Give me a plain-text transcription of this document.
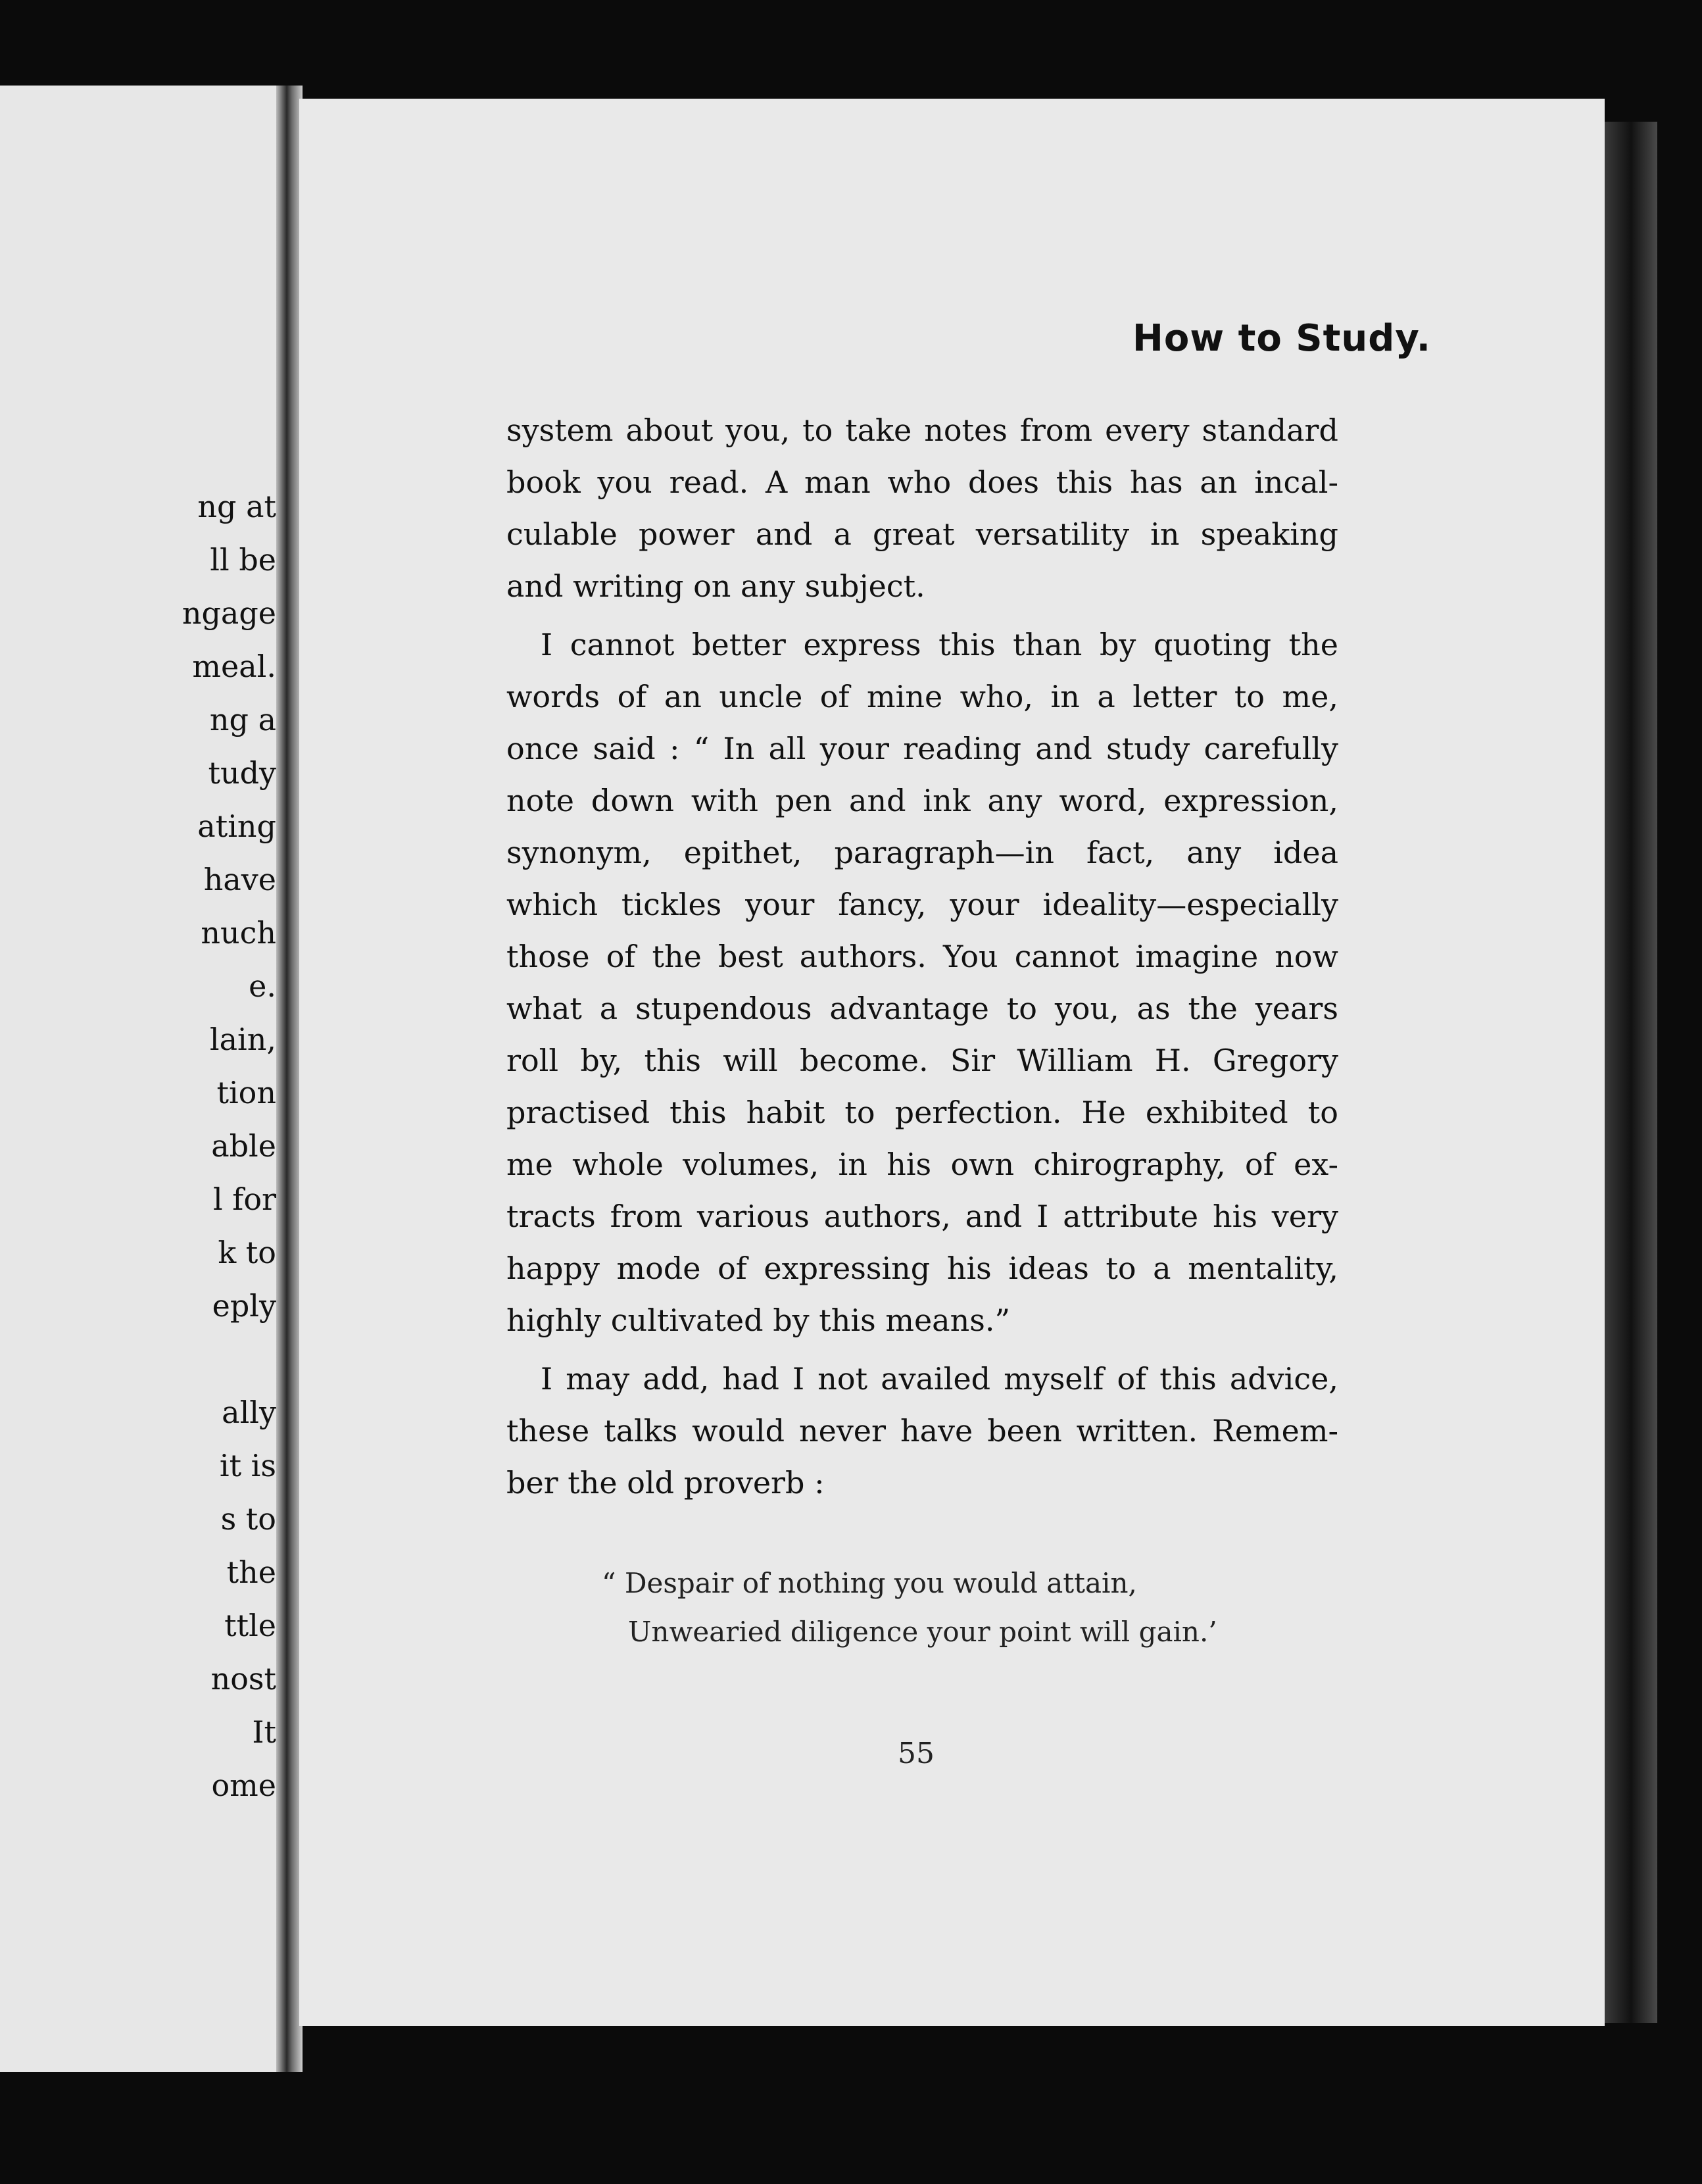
ng at
ll be
ngage
meal.
ng a
tudy
ating
have
nuch
e.
lain,
tion
able
l for
k to
eply
ally
it is
s to
the
ttle
nost
It
ome
How to Study.
system about you, to take notes from every standard
book you read. A man who does this has an incal-
culable power and a great versatility in speaking
and writing on any subject.
I cannot better express this than by quoting the
words of an uncle of mine who, in a letter to me,
once said : “ In all your reading and study carefully
note down with pen and ink any word, expression,
synonym, epithet, paragraph—in fact, any idea
which tickles your fancy, your ideality—especially
those of the best authors. You cannot imagine now
what a stupendous advantage to you, as the years
roll by, this will become. Sir William H. Gregory
practised this habit to perfection. He exhibited to
me whole volumes, in his own chirography, of ex-
tracts from various authors, and I attribute his very
happy mode of expressing his ideas to a mentality,
highly cultivated by this means.”
I may add, had I not availed myself of this advice,
these talks would never have been written. Remem-
ber the old proverb :
“ Despair of nothing you would attain,
Unwearied diligence your point will gain.’
55
